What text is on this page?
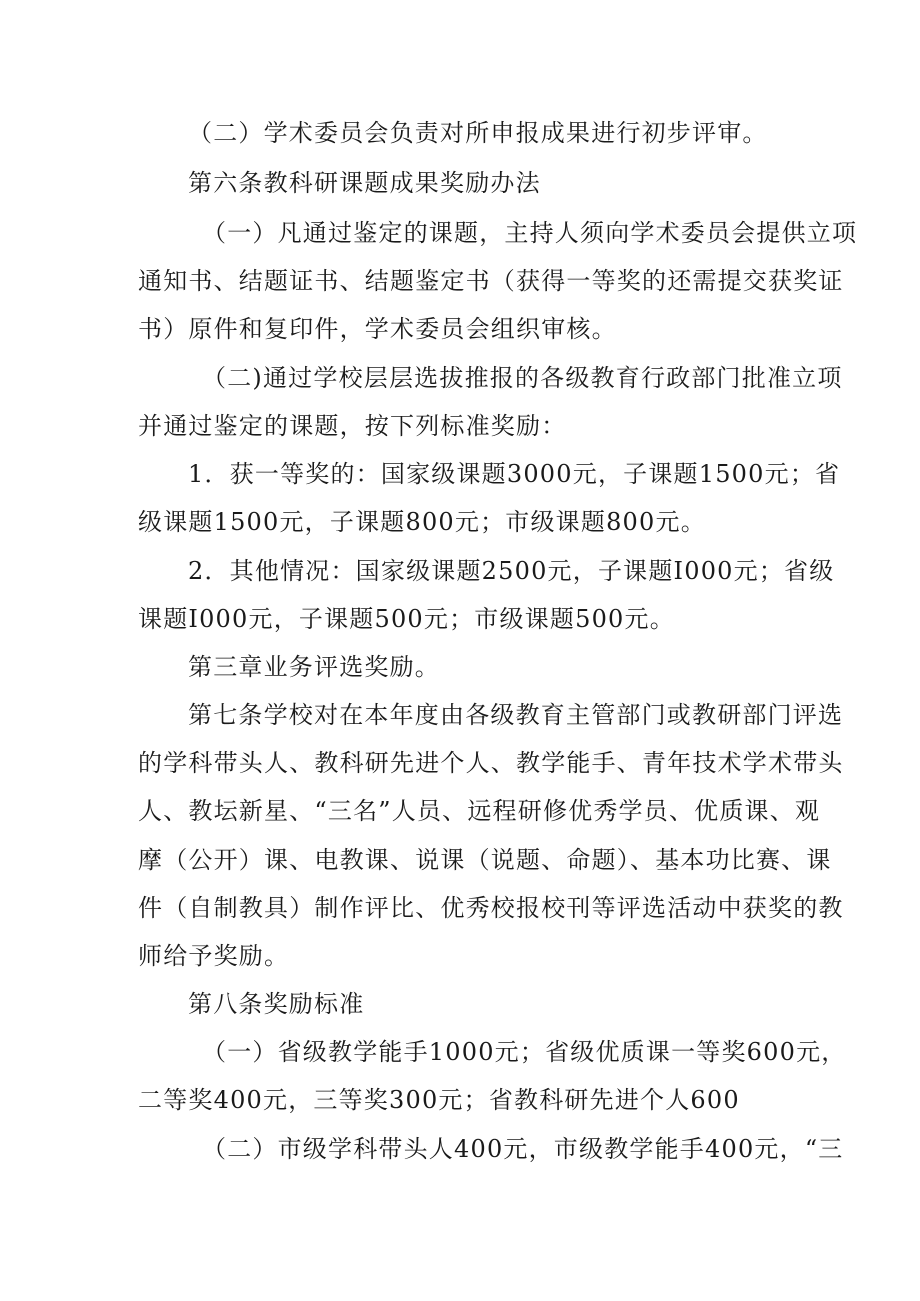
（二）学术委员会负责对所申报成果进行初步评审。
第六条教科研课题成果奖励办法
（一）凡通过鉴定的课题，主持人须向学术委员会提供立项
通知书、结题证书、结题鉴定书（获得一等奖的还需提交获奖证
书）原件和复印件，学术委员会组织审核。
（二)通过学校层层选拔推报的各级教育行政部门批准立项
并通过鉴定的课题，按下列标准奖励：
1．获一等奖的：国家级课题3000元，子课题1500元；省
级课题1500元，子课题800元；市级课题800元。
2．其他情况：国家级课题2500元，子课题I000元；省级
课题I000元，子课题500元；市级课题500元。
第三章业务评选奖励。
第七条学校对在本年度由各级教育主管部门或教研部门评选
的学科带头人、教科研先进个人、教学能手、青年技术学术带头
人、教坛新星、“三名”人员、远程研修优秀学员、优质课、观
摩（公开）课、电教课、说课（说题、命题）、基本功比赛、课
件（自制教具）制作评比、优秀校报校刊等评选活动中获奖的教
师给予奖励。
第八条奖励标准
（一）省级教学能手1000元；省级优质课一等奖600元，
二等奖400元，三等奖300元；省教科研先进个人600
（二）市级学科带头人400元，市级教学能手400元，“三
